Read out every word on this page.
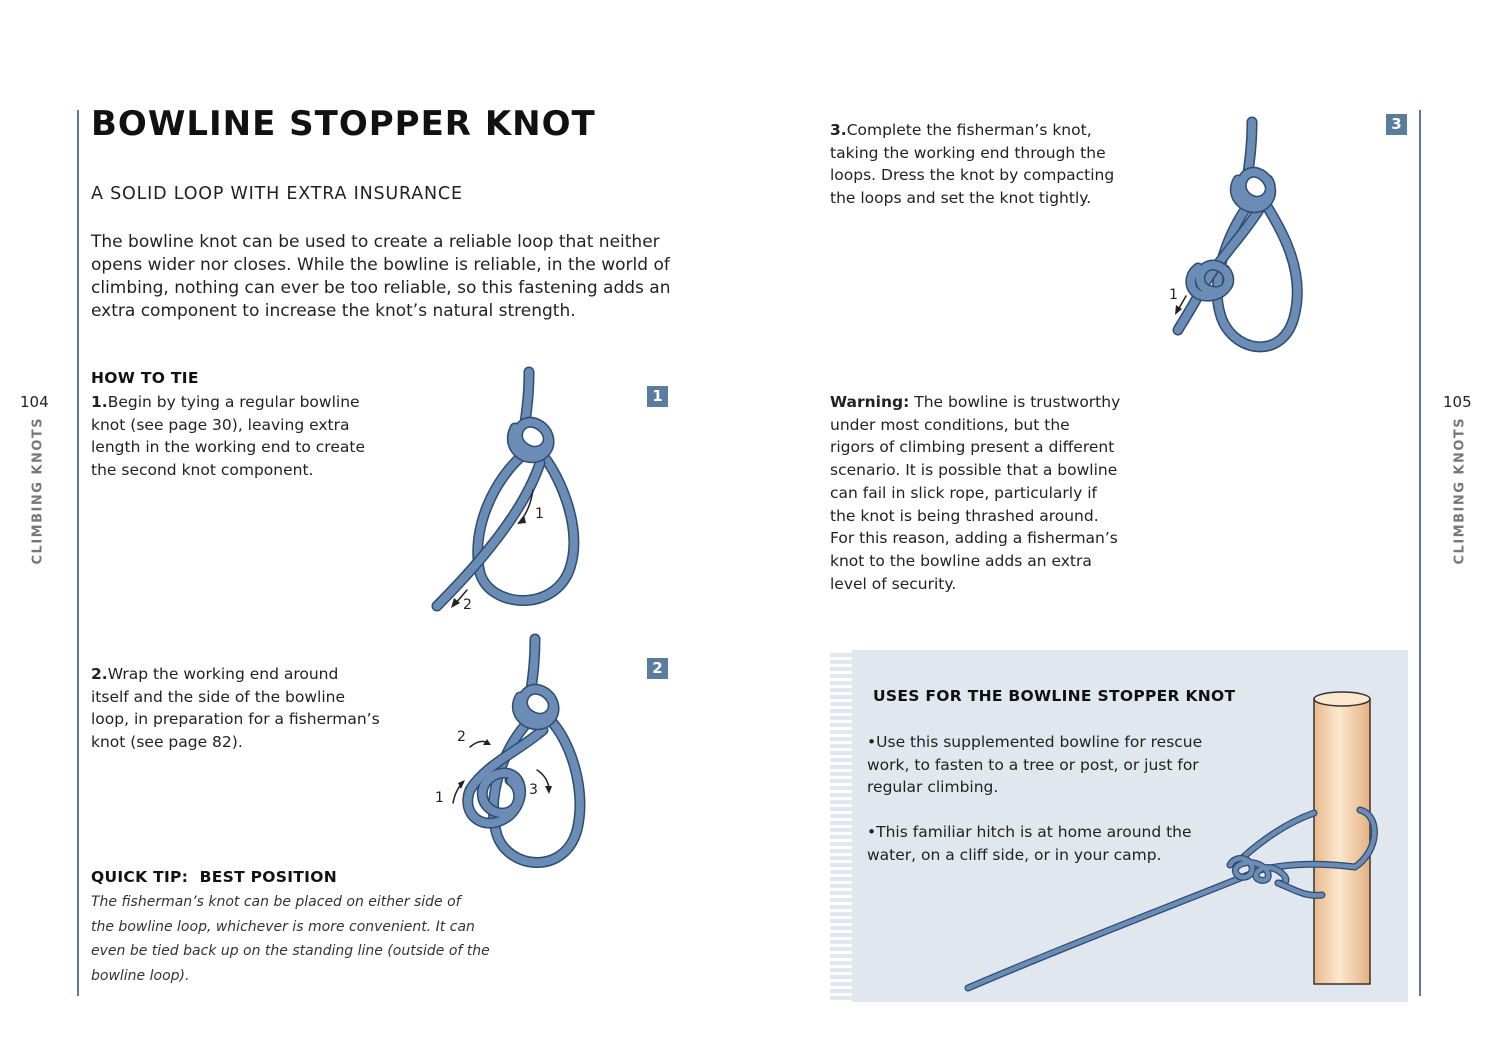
104
CLIMBING KNOTS
BOWLINE STOPPER KNOT
A SOLID LOOP WITH EXTRA INSURANCE
The bowline knot can be used to create a reliable loop that neither
opens wider nor closes. While the bowline is reliable, in the world of
climbing, nothing can ever be too reliable, so this fastening adds an
extra component to increase the knot’s natural strength.
HOW TO TIE
1.Begin by tying a regular bowline
knot (see page 30), leaving extra
length in the working end to create
the second knot component.
1
1
2
2.Wrap the working end around
itself and the side of the bowline
loop, in preparation for a fisherman’s
knot (see page 82).
2
1
2
3
QUICK TIP:  BEST POSITION
The fisherman’s knot can be placed on either side of
the bowline loop, whichever is more convenient. It can
even be tied back up on the standing line (outside of the
bowline loop).
105
CLIMBING KNOTS
3.Complete the fisherman’s knot,
taking the working end through the
loops. Dress the knot by compacting
the loops and set the knot tightly.
3
1
Warning: The bowline is trustworthy
under most conditions, but the
rigors of climbing present a different
scenario. It is possible that a bowline
can fail in slick rope, particularly if
the knot is being thrashed around.
For this reason, adding a fisherman’s
knot to the bowline adds an extra
level of security.
USES FOR THE BOWLINE STOPPER KNOT
•Use this supplemented bowline for rescue
work, to fasten to a tree or post, or just for
regular climbing.
•This familiar hitch is at home around the
water, on a cliff side, or in your camp.
